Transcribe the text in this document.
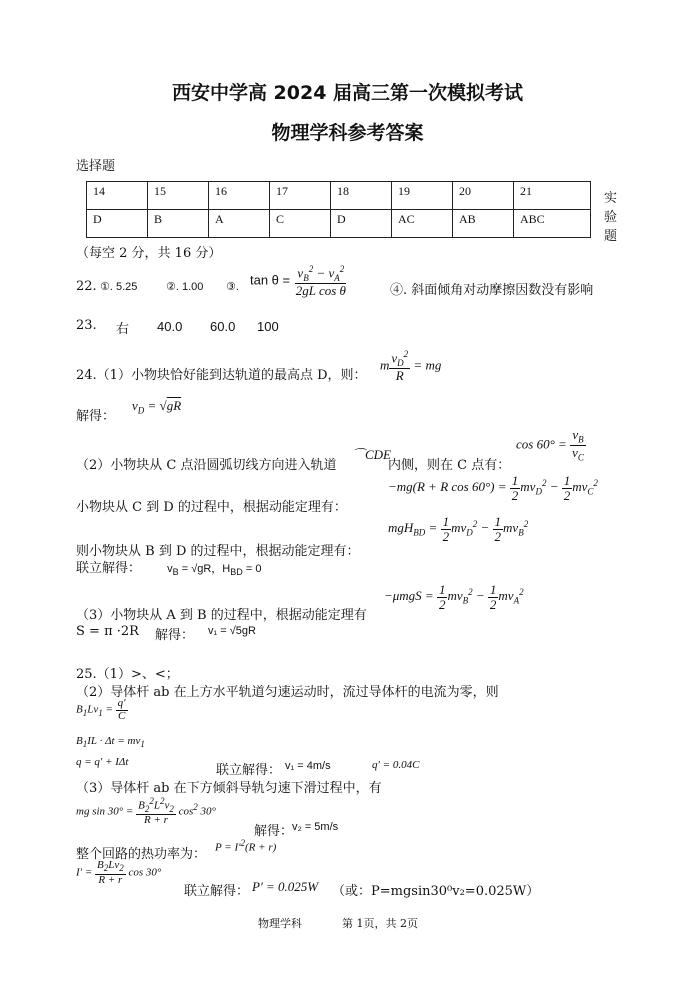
西安中学高 2024 届高三第一次模拟考试
物理学科参考答案
选择题
14	15	16	17	18	19	20	21
D	B	A	C	D	AC	AB	ABC
实
验
题
（每空 2 分，共 16 分）
22. ①. 5.25	②. 1.00 ③. $\tan \theta = \frac{v_B^2 - v_A^2}{\text{2gL cos θ}}$	④. 斜面倾角对动摩擦因数没有影响
23. 右 40.0 60.0 100
24.（1）小物块恰好能到达轨道的最高点 D，则：
m $\frac{v_D^2}{R}$ = mg
解得：
$v_D = √gR$
（2）小物块从 C 点沿圆弧切线方向进入轨道
⌒CDE
内侧，则在 C 点有：
$\cos 60^\circ = \frac{v_B}{v_C}$
小物块从 C 到 D 的过程中，根据动能定理有：
−mg(R + R $\cos 60^\circ) = \frac{1}{2} mv_D^2 - \frac{1}{2} mv_C^2$
则小物块从 B 到 D 的过程中，根据动能定理有：
$mgH_{BD} = \frac{1}{2} mv_D^2 - \frac{1}{2} mv_B^2$
联立解得： $v_B = √gR$，$H_{BD} = 0$
（3）小物块从 A 到 B 的过程中，根据动能定理有
$-\mu mgS = \frac{1}{2} mv_B^2 - \frac{1}{2} mv_A^2$
S = π ·2R 解得： v₁ = √5gR
25.（1）>、<；
（2）导体杆 ab 在上方水平轨道匀速运动时，流过导体杆的电流为零，则
$B_1Lv_1 = \frac{q'}{C}$
$B_1IL \cdot \Delta t = mv_1$
q = q′ + IΔt
联立解得： v₁ = 4m/s	q′ = 0.04C
（3）导体杆 ab 在下方倾斜导轨匀速下滑过程中，有
mg $\sin 30^\circ = \frac{B_2^2L^2v_2}{R + r} \cos^2 30^\circ$
解得：
v₂ = 5m/s
整个回路的热功率为： $P = I'^2(R + r)$
$I' = \frac{B_2Lv_2}{R + r}$ cos 30°
联立解得： P′ = 0.025W （或：P=mgsin30⁰v₂=0.025W）
物理学科	第 1页，共 2页
